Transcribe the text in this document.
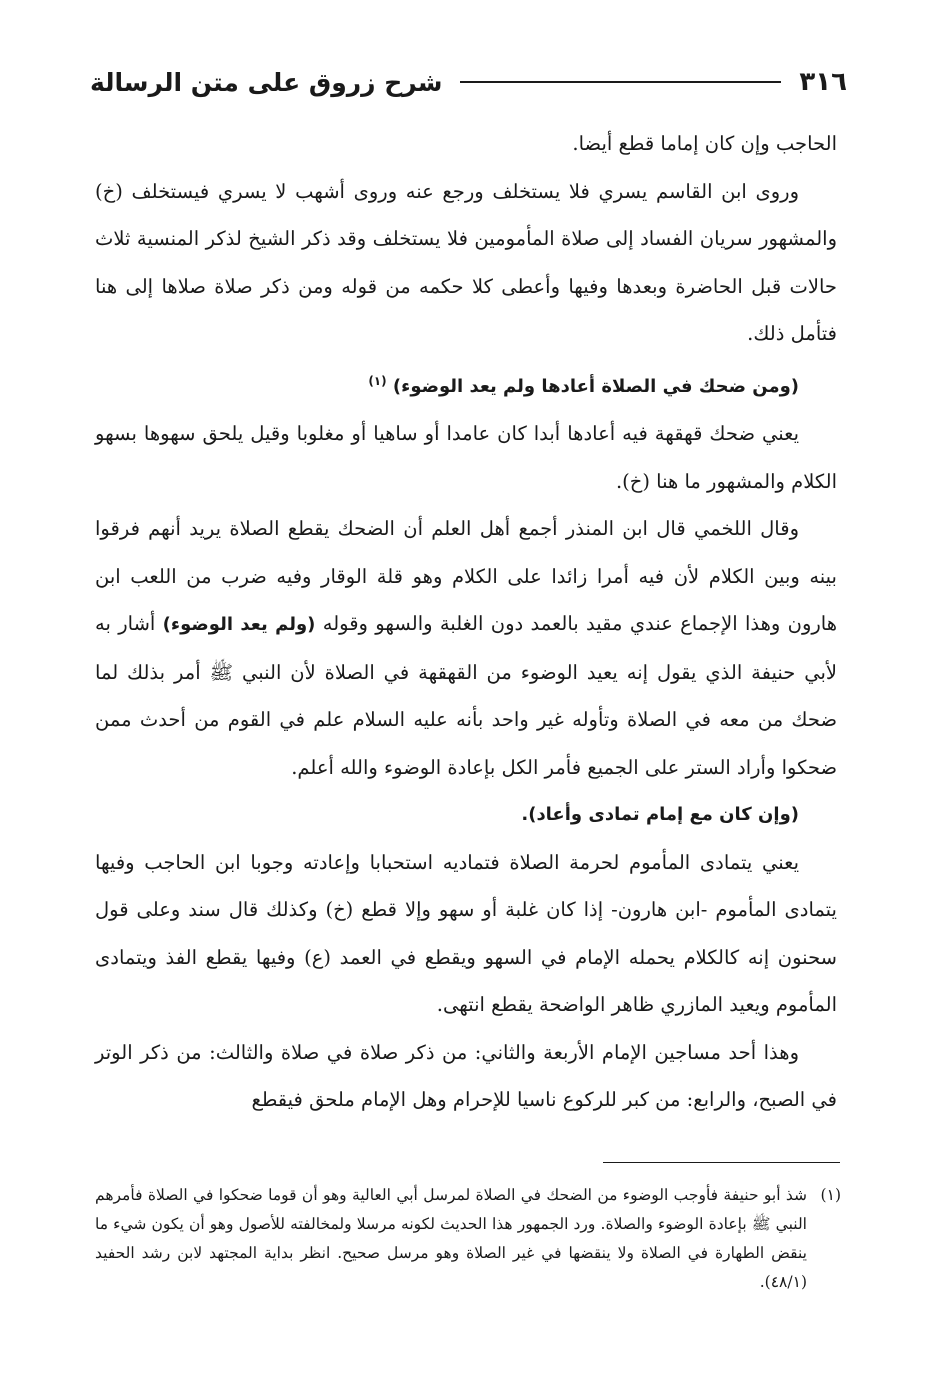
٣١٦
شرح زروق على متن الرسالة

الحاجب وإن كان إماما قطع أيضا.

وروى ابن القاسم يسري فلا يستخلف ورجع عنه وروى أشهب لا يسري فيستخلف (خ) والمشهور سريان الفساد إلى صلاة المأمومين فلا يستخلف وقد ذكر الشيخ لذكر المنسية ثلاث حالات قبل الحاضرة وبعدها وفيها وأعطى كلا حكمه من قوله ومن ذكر صلاة صلاها إلى هنا فتأمل ذلك.

(ومن ضحك في الصلاة أعادها ولم يعد الوضوء) $^{(١)}$

يعني ضحك قهقهة فيه أعادها أبدا كان عامدا أو ساهيا أو مغلوبا وقيل يلحق سهوها بسهو الكلام والمشهور ما هنا (خ).

وقال اللخمي قال ابن المنذر أجمع أهل العلم أن الضحك يقطع الصلاة يريد أنهم فرقوا بينه وبين الكلام لأن فيه أمرا زائدا على الكلام وهو قلة الوقار وفيه ضرب من اللعب ابن هارون وهذا الإجماع عندي مقيد بالعمد دون الغلبة والسهو وقوله (ولم يعد الوضوء) أشار به لأبي حنيفة الذي يقول إنه يعيد الوضوء من القهقهة في الصلاة لأن النبي ﷺ أمر بذلك لما ضحك من معه في الصلاة وتأوله غير واحد بأنه عليه السلام علم في القوم من أحدث ممن ضحكوا وأراد الستر على الجميع فأمر الكل بإعادة الوضوء والله أعلم.

(وإن كان مع إمام تمادى وأعاد).

يعني يتمادى المأموم لحرمة الصلاة فتماديه استحبابا وإعادته وجوبا ابن الحاجب وفيها يتمادى المأموم -ابن هارون- إذا كان غلبة أو سهو وإلا قطع (خ) وكذلك قال سند وعلى قول سحنون إنه كالكلام يحمله الإمام في السهو ويقطع في العمد (ع) وفيها يقطع الفذ ويتمادى المأموم ويعيد المازري ظاهر الواضحة يقطع انتهى.

وهذا أحد مساجين الإمام الأربعة والثاني: من ذكر صلاة في صلاة والثالث: من ذكر الوتر في الصبح، والرابع: من كبر للركوع ناسيا للإحرام وهل الإمام ملحق فيقطع

(١)
شذ أبو حنيفة فأوجب الوضوء من الضحك في الصلاة لمرسل أبي العالية وهو أن قوما ضحكوا في الصلاة فأمرهم النبي ﷺ بإعادة الوضوء والصلاة. ورد الجمهور هذا الحديث لكونه مرسلا ولمخالفته للأصول وهو أن يكون شيء ما ينقض الطهارة في الصلاة ولا ينقضها في غير الصلاة وهو مرسل صحيح. انظر بداية المجتهد لابن رشد الحفيد (٤٨/١).
